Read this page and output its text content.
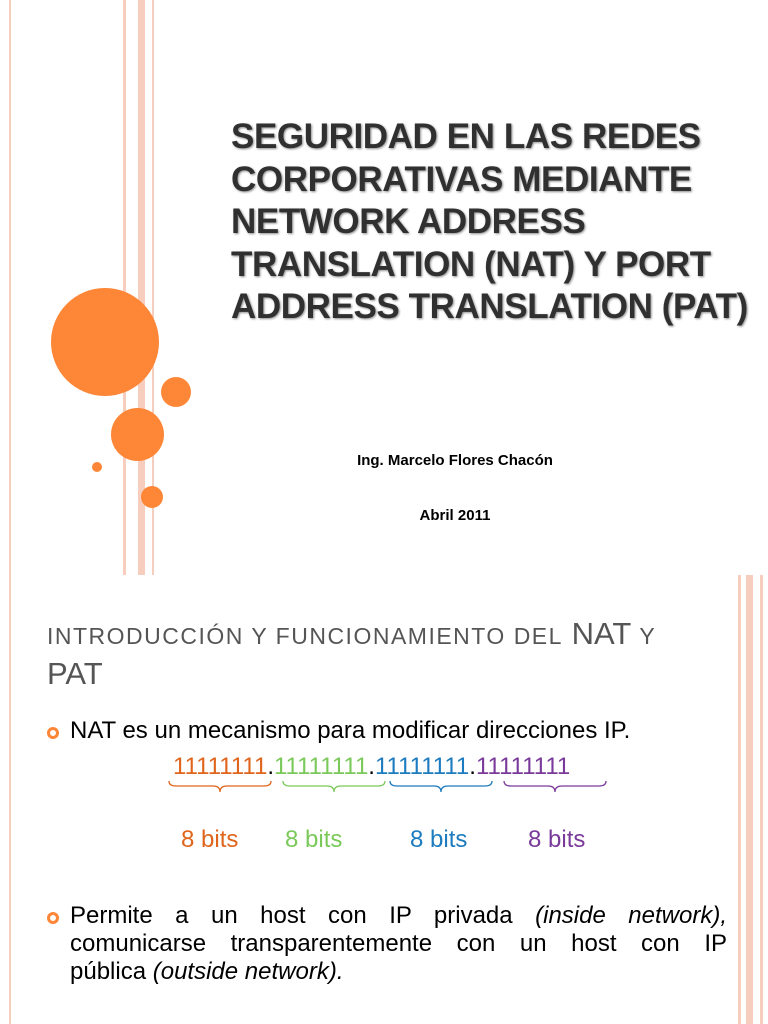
SEGURIDAD EN LAS REDES CORPORATIVAS MEDIANTE NETWORK ADDRESS TRANSLATION (NAT) Y PORT ADDRESS TRANSLATION (PAT)
Ing. Marcelo Flores Chacón
Abril 2011
INTRODUCCIÓN Y FUNCIONAMIENTO DEL NAT Y
PAT
NAT es un mecanismo para modificar direcciones IP.
11111111.11111111.11111111.11111111
8 bits 8 bits	8 bits	8 bits
Permite a un host con IP privada (inside network),
comunicarse transparentemente con un host con IP
pública (outside network).
